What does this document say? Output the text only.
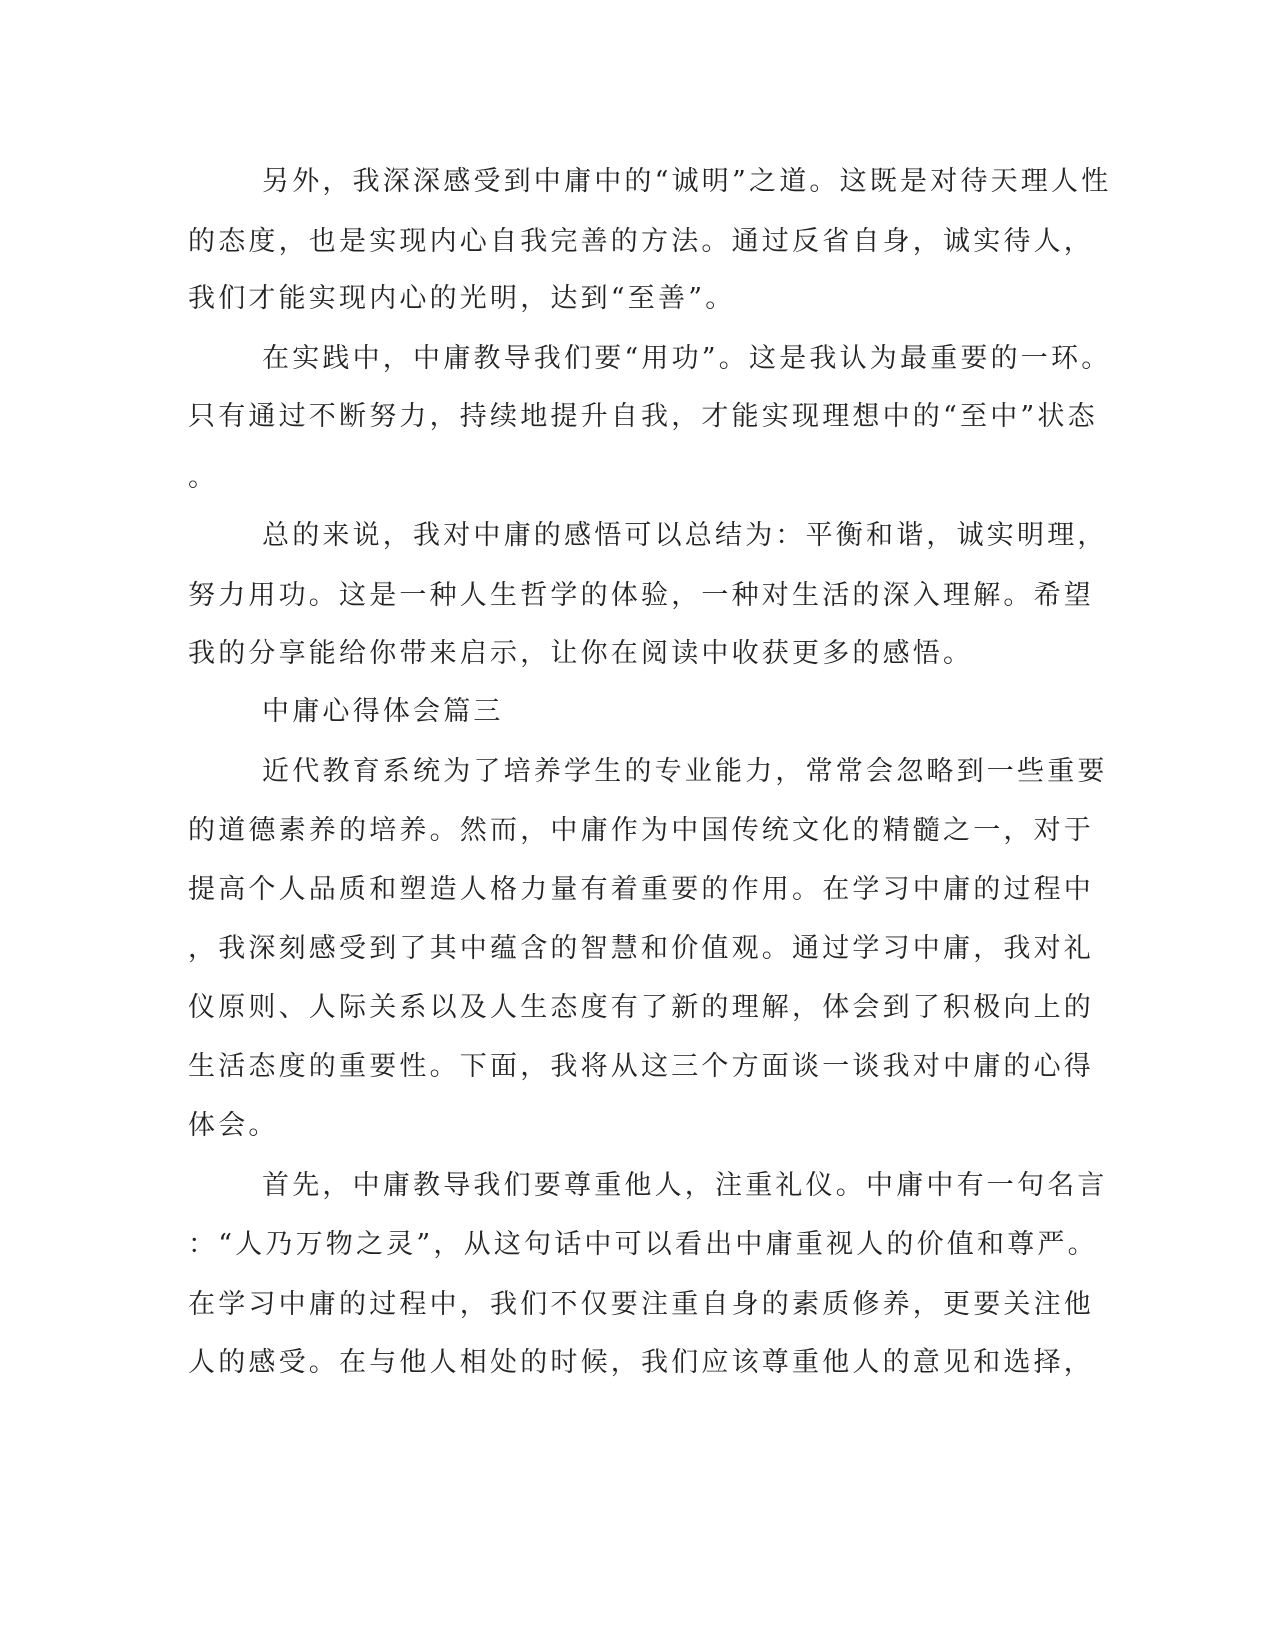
另外，我深深感受到中庸中的“诚明”之道。这既是对待天理人性
的态度，也是实现内心自我完善的方法。通过反省自身，诚实待人，
我们才能实现内心的光明，达到“至善”。
在实践中，中庸教导我们要“用功”。这是我认为最重要的一环。
只有通过不断努力，持续地提升自我，才能实现理想中的“至中”状态
。
总的来说，我对中庸的感悟可以总结为：平衡和谐，诚实明理，
努力用功。这是一种人生哲学的体验，一种对生活的深入理解。希望
我的分享能给你带来启示，让你在阅读中收获更多的感悟。
中庸心得体会篇三
近代教育系统为了培养学生的专业能力，常常会忽略到一些重要
的道德素养的培养。然而，中庸作为中国传统文化的精髓之一，对于
提高个人品质和塑造人格力量有着重要的作用。在学习中庸的过程中
，我深刻感受到了其中蕴含的智慧和价值观。通过学习中庸，我对礼
仪原则、人际关系以及人生态度有了新的理解，体会到了积极向上的
生活态度的重要性。下面，我将从这三个方面谈一谈我对中庸的心得
体会。
首先，中庸教导我们要尊重他人，注重礼仪。中庸中有一句名言
：“人乃万物之灵”，从这句话中可以看出中庸重视人的价值和尊严。
在学习中庸的过程中，我们不仅要注重自身的素质修养，更要关注他
人的感受。在与他人相处的时候，我们应该尊重他人的意见和选择，
